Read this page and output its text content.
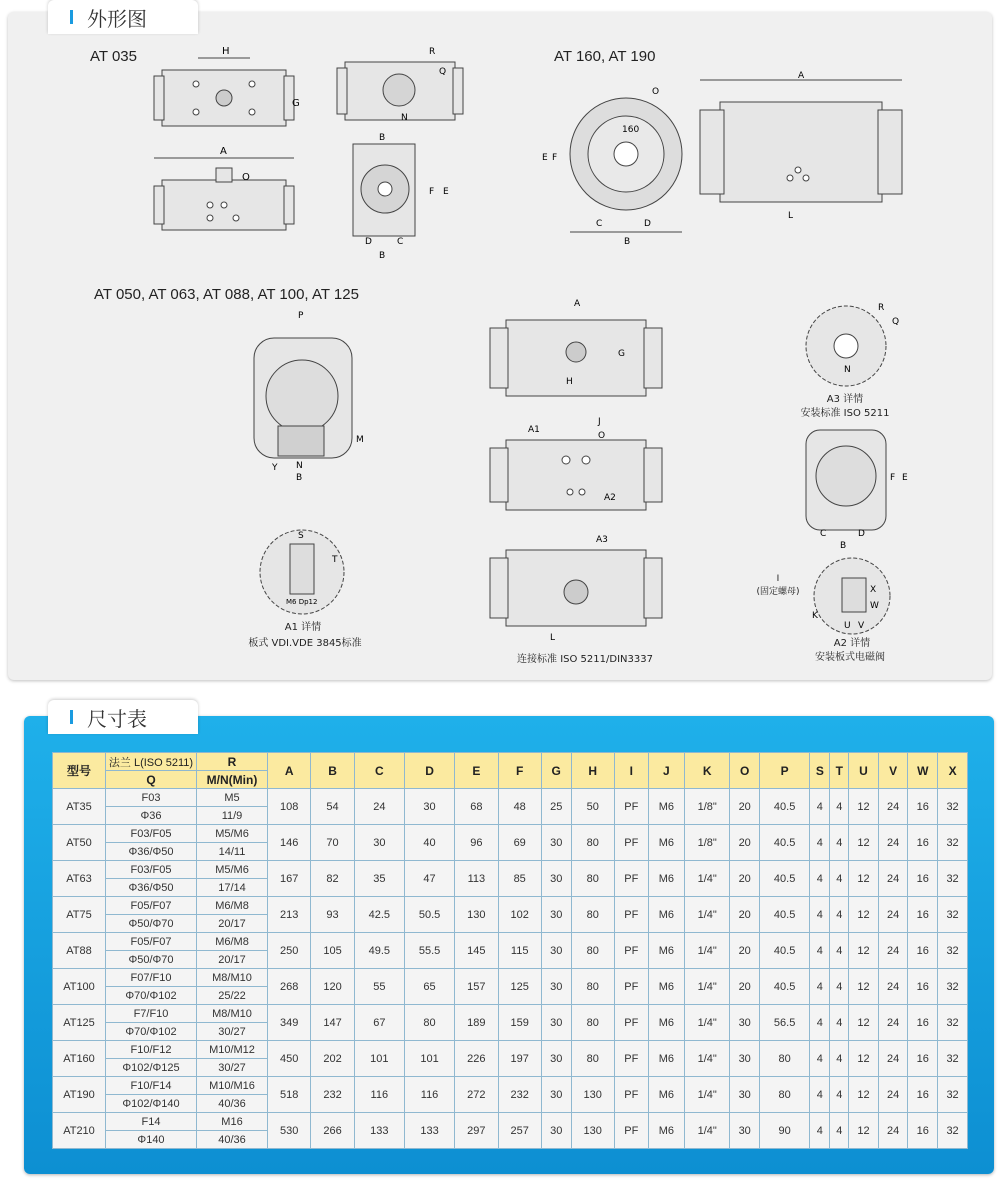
外形图
AT 035	AT 160, AT 190
AT 050, AT 063, AT 088, AT 100, AT 125
H
A
G
O
R
Q
N
B
F E
D	C
B
160
B
A
O
E F
C	D
L
P
M
N
Y
B
A
G
H
A1
J
O
A2
A3
L
R
Q
N
E
F
C	D
B
A3 详情
安装标准 ISO 5211
S
T
M6 Dp12
A1 详情
板式 VDI.VDE 3845标准
连接标准 ISO 5211/DIN3337
K
W
X
U V
I
(固定螺母)
A2 详情
安装板式电磁阀
尺寸表
型号	法兰 L(ISO 5211)	R	A	B	C	D	E	F	G	H	I	J	K	O	P	S	T	U	V	W	X
	Q	M/N(Min)																			
AT35	F03	M5	108	54	24	30	68	48	25	50	PF	M6	1/8"	20	40.5	4	4	12	24	16	32
	Φ36	11/9																			
AT50	F03/F05	M5/M6	146	70	30	40	96	69	30	80	PF	M6	1/8"	20	40.5	4	4	12	24	16	32
	Φ36/Φ50	14/11																			
AT63	F03/F05	M5/M6	167	82	35	47	113	85	30	80	PF	M6	1/4"	20	40.5	4	4	12	24	16	32
	Φ36/Φ50	17/14																			
AT75	F05/F07	M6/M8	213	93	42.5	50.5	130	102	30	80	PF	M6	1/4"	20	40.5	4	4	12	24	16	32
	Φ50/Φ70	20/17																			
AT88	F05/F07	M6/M8	250	105	49.5	55.5	145	115	30	80	PF	M6	1/4"	20	40.5	4	4	12	24	16	32
	Φ50/Φ70	20/17																			
AT100	F07/F10	M8/M10	268	120	55	65	157	125	30	80	PF	M6	1/4"	20	40.5	4	4	12	24	16	32
	Φ70/Φ102	25/22																			
AT125	F7/F10	M8/M10	349	147	67	80	189	159	30	80	PF	M6	1/4"	30	56.5	4	4	12	24	16	32
	Φ70/Φ102	30/27																			
AT160	F10/F12	M10/M12	450	202	101	101	226	197	30	80	PF	M6	1/4"	30	80	4	4	12	24	16	32
	Φ102/Φ125	30/27																			
AT190	F10/F14	M10/M16	518	232	116	116	272	232	30	130	PF	M6	1/4"	30	80	4	4	12	24	16	32
	Φ102/Φ140	40/36																			
AT210	F14	M16	530	266	133	133	297	257	30	130	PF	M6	1/4"	30	90	4	4	12	24	16	32
	Φ140	40/36																			
